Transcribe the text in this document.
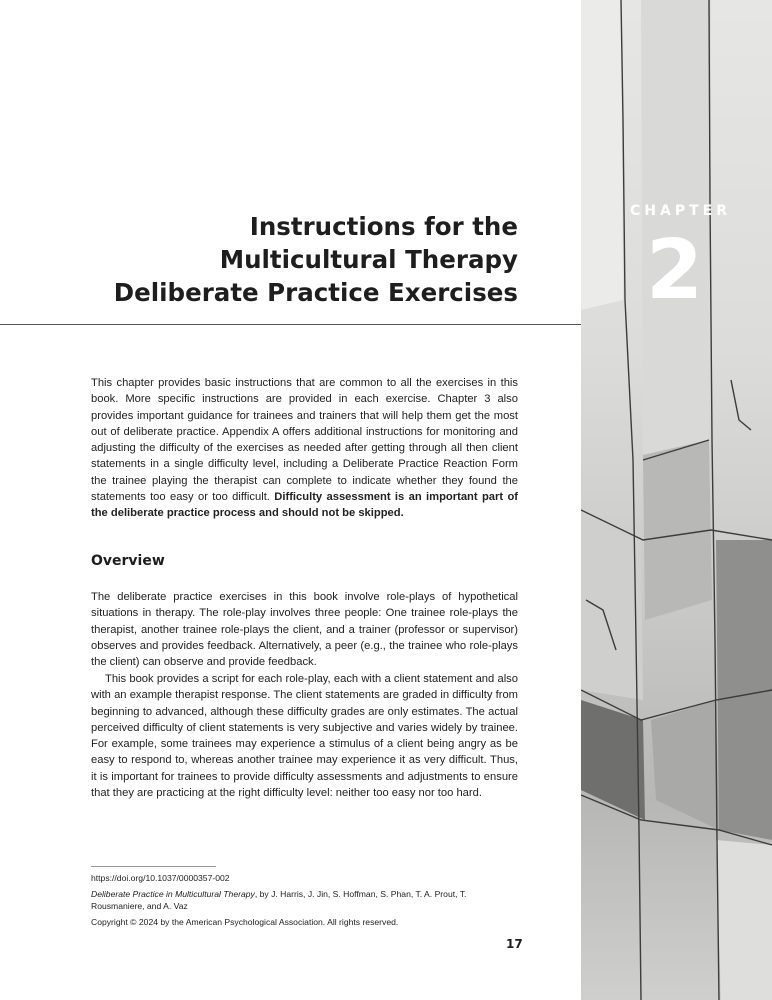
CHAPTER
2
Instructions for the
Multicultural Therapy
Deliberate Practice Exercises
This chapter provides basic instructions that are common to all the exercises in this book. More specific instructions are provided in each exercise. Chapter 3 also provides important guidance for trainees and trainers that will help them get the most out of deliberate practice. Appendix A offers additional instructions for monitoring and adjusting the difficulty of the exercises as needed after getting through all then client statements in a single difficulty level, including a Deliberate Practice Reaction Form the trainee playing the therapist can complete to indicate whether they found the statements too easy or too difficult. Difficulty assessment is an important part of the deliberate practice process and should not be skipped.
Overview
The deliberate practice exercises in this book involve role-plays of hypothetical situations in therapy. The role-play involves three people: One trainee role-plays the therapist, another trainee role-plays the client, and a trainer (professor or supervisor) observes and provides feedback. Alternatively, a peer (e.g., the trainee who role-plays the client) can observe and provide feedback.
This book provides a script for each role-play, each with a client statement and also with an example therapist response. The client statements are graded in difficulty from beginning to advanced, although these difficulty grades are only estimates. The actual perceived difficulty of client statements is very subjective and varies widely by trainee. For example, some trainees may experience a stimulus of a client being angry as be easy to respond to, whereas another trainee may experience it as very difficult. Thus, it is important for trainees to provide difficulty assessments and adjustments to ensure that they are practicing at the right difficulty level: neither too easy nor too hard.
https://doi.org/10.1037/0000357-002
Deliberate Practice in Multicultural Therapy, by J. Harris, J. Jin, S. Hoffman, S. Phan, T. A. Prout, T. Rousmaniere, and A. Vaz
Copyright © 2024 by the American Psychological Association. All rights reserved.
17
